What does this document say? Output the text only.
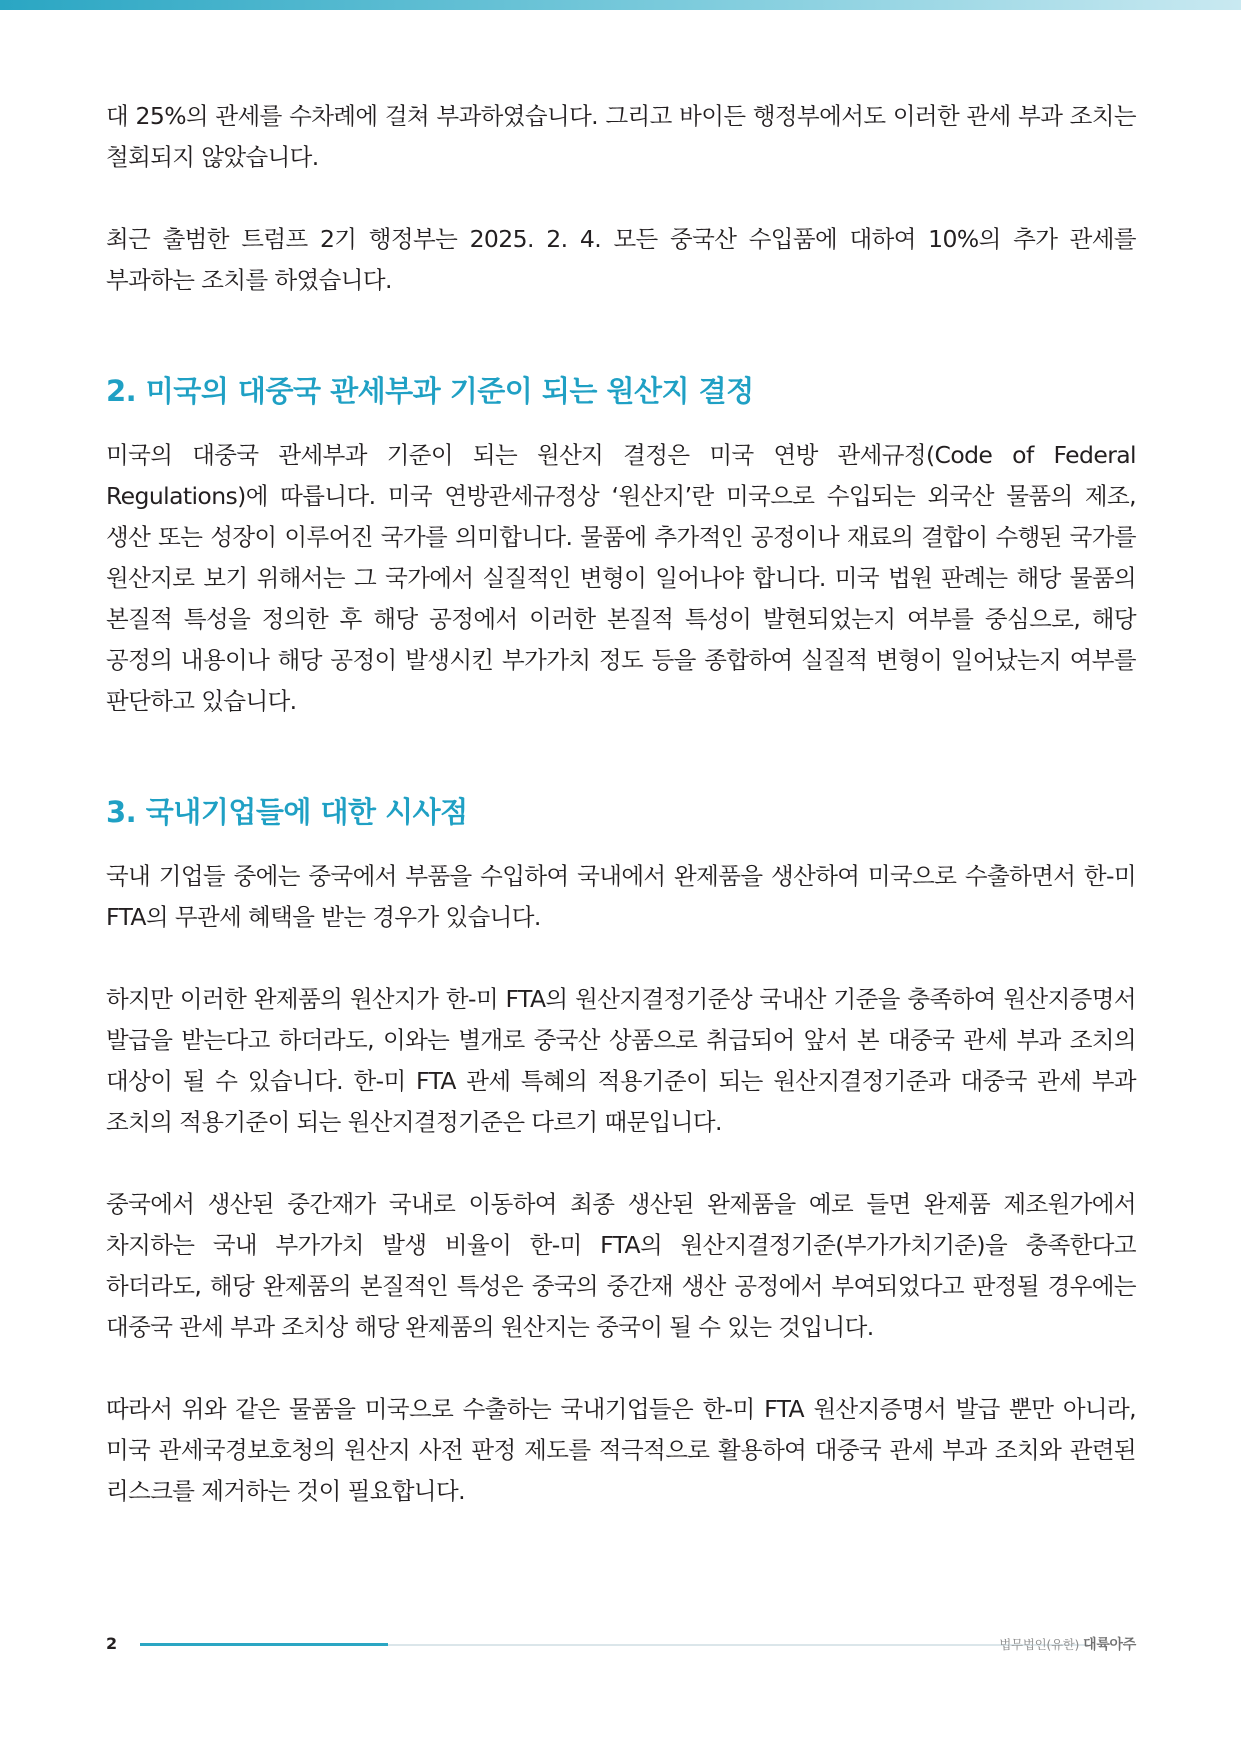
대 25%의 관세를 수차례에 걸쳐 부과하였습니다. 그리고 바이든 행정부에서도 이러한 관세 부과 조치는 철회되지 않았습니다.

최근 출범한 트럼프 2기 행정부는 2025. 2. 4. 모든 중국산 수입품에 대하여 10%의 추가 관세를 부과하는 조치를 하였습니다.

2. 미국의 대중국 관세부과 기준이 되는 원산지 결정

미국의 대중국 관세부과 기준이 되는 원산지 결정은 미국 연방 관세규정(Code of Federal Regulations)에 따릅니다. 미국 연방관세규정상 ‘원산지’란 미국으로 수입되는 외국산 물품의 제조, 생산 또는 성장이 이루어진 국가를 의미합니다. 물품에 추가적인 공정이나 재료의 결합이 수행된 국가를 원산지로 보기 위해서는 그 국가에서 실질적인 변형이 일어나야 합니다. 미국 법원 판례는 해당 물품의 본질적 특성을 정의한 후 해당 공정에서 이러한 본질적 특성이 발현되었는지 여부를 중심으로, 해당 공정의 내용이나 해당 공정이 발생시킨 부가가치 정도 등을 종합하여 실질적 변형이 일어났는지 여부를 판단하고 있습니다.

3. 국내기업들에 대한 시사점

국내 기업들 중에는 중국에서 부품을 수입하여 국내에서 완제품을 생산하여 미국으로 수출하면서 한-미 FTA의 무관세 혜택을 받는 경우가 있습니다.

하지만 이러한 완제품의 원산지가 한-미 FTA의 원산지결정기준상 국내산 기준을 충족하여 원산지증명서 발급을 받는다고 하더라도, 이와는 별개로 중국산 상품으로 취급되어 앞서 본 대중국 관세 부과 조치의 대상이 될 수 있습니다. 한-미 FTA 관세 특혜의 적용기준이 되는 원산지결정기준과 대중국 관세 부과 조치의 적용기준이 되는 원산지결정기준은 다르기 때문입니다.

중국에서 생산된 중간재가 국내로 이동하여 최종 생산된 완제품을 예로 들면 완제품 제조원가에서 차지하는 국내 부가가치 발생 비율이 한-미 FTA의 원산지결정기준(부가가치기준)을 충족한다고 하더라도, 해당 완제품의 본질적인 특성은 중국의 중간재 생산 공정에서 부여되었다고 판정될 경우에는 대중국 관세 부과 조치상 해당 완제품의 원산지는 중국이 될 수 있는 것입니다.

따라서 위와 같은 물품을 미국으로 수출하는 국내기업들은 한-미 FTA 원산지증명서 발급 뿐만 아니라, 미국 관세국경보호청의 원산지 사전 판정 제도를 적극적으로 활용하여 대중국 관세 부과 조치와 관련된 리스크를 제거하는 것이 필요합니다.

2	법무법인(유한) 대륙아주
